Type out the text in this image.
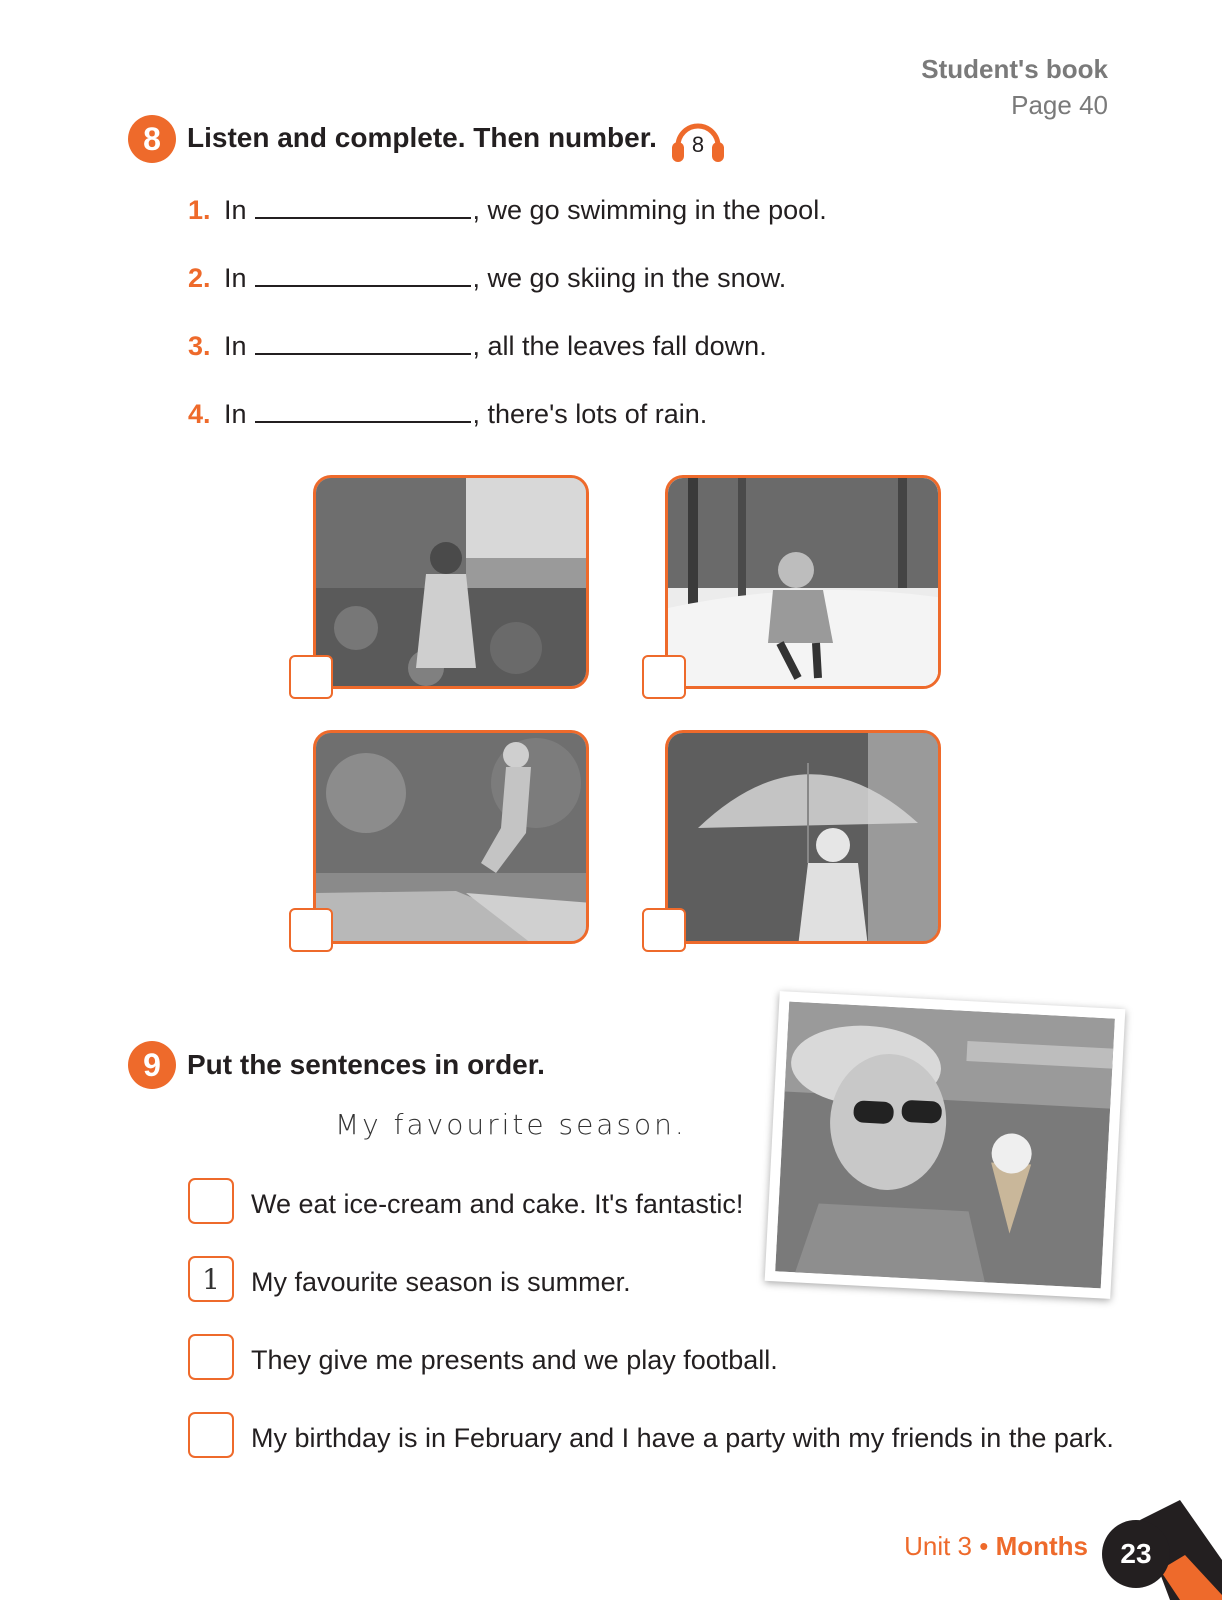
Student's book
Page 40
8 Listen and complete. Then number. 8
1. In	, we go swimming in the pool.
2. In	, we go skiing in the snow.
3. In	, all the leaves fall down.
4. In	, there's lots of rain.
9 Put the sentences in order.
My favourite season.
We eat ice-cream and cake. It's fantastic!
1	My favourite season is summer.
They give me presents and we play football.
My birthday is in February and I have a party with my friends in the park.
Unit 3 • Months	23
